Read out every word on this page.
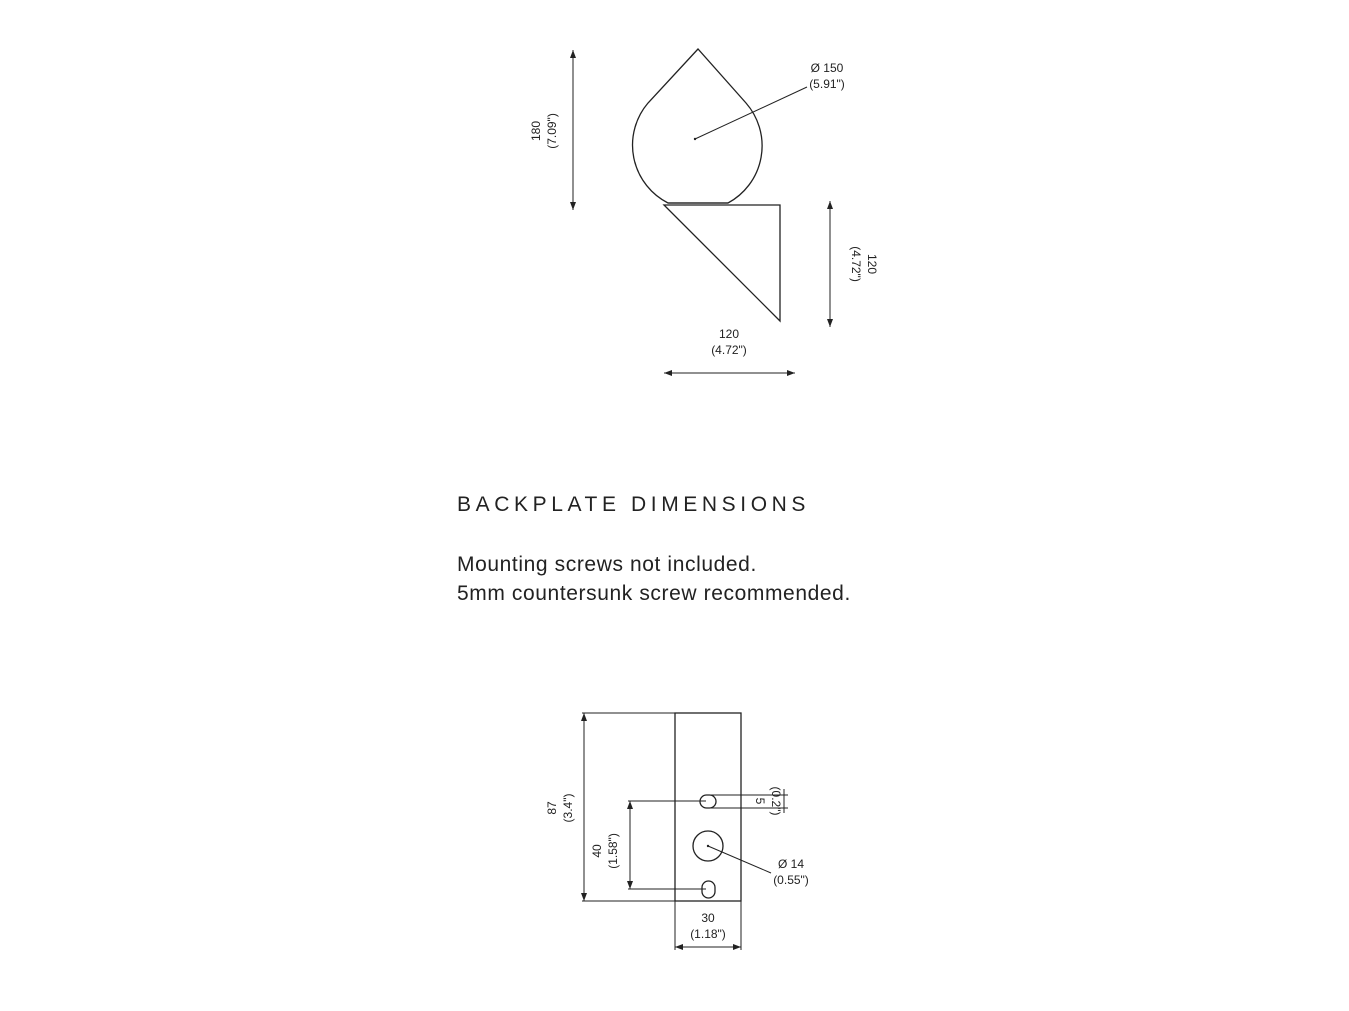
Ø 150
(5.91")
180 (7.09")
120
(4.72")
120
(4.72")
87 (3.4")
40 (1.58")
5 (0.2")
Ø 14
(0.55")
30
(1.18")
BACKPLATE DIMENSIONS
Mounting screws not included.
5mm countersunk screw recommended.
